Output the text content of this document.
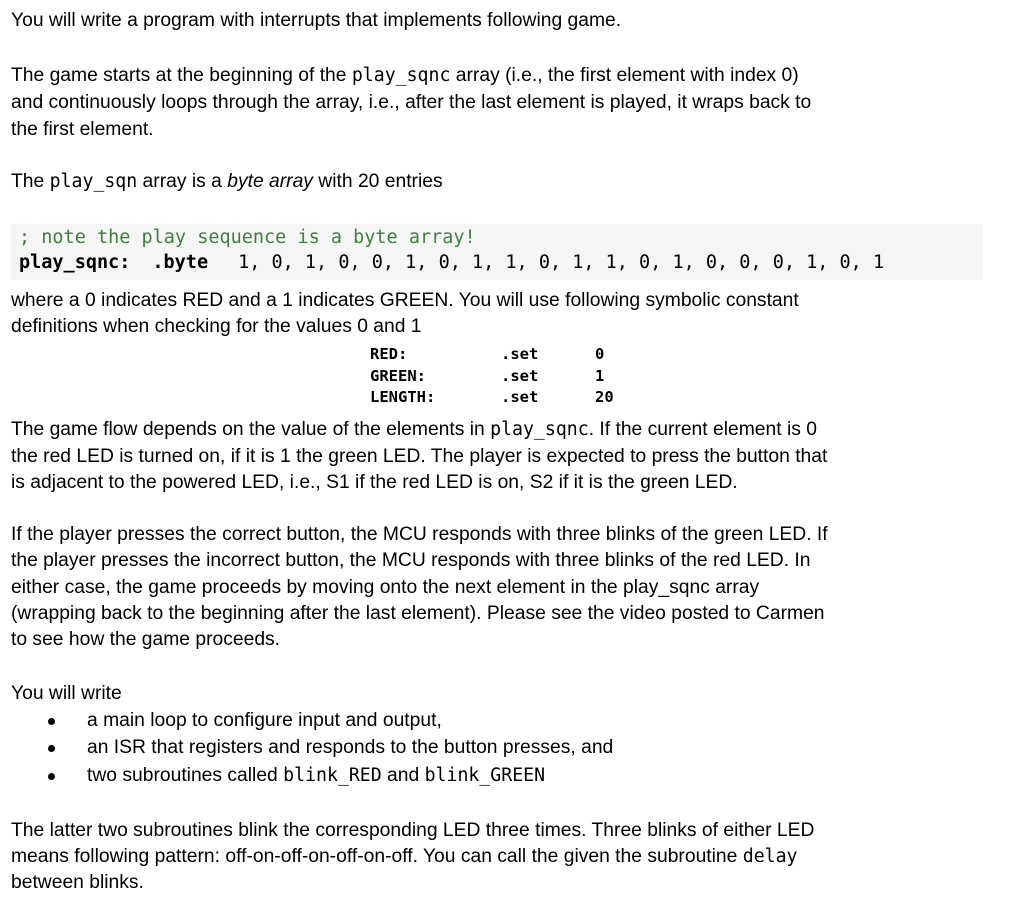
You will write a program with interrupts that implements following game.
The game starts at the beginning of the play_sqnc array (i.e., the first element with index 0)
and continuously loops through the array, i.e., after the last element is played, it wraps back to
the first element.
The play_sqn array is a byte array with 20 entries
; note the play sequence is a byte array!
play_sqnc: .byte 1, 0, 1, 0, 0, 1, 0, 1, 1, 0, 1, 1, 0, 1, 0, 0, 0, 1, 0, 1
where a 0 indicates RED and a 1 indicates GREEN. You will use following symbolic constant
definitions when checking for the values 0 and 1
RED:	.set	0
GREEN:	.set	1
LENGTH:	.set	20
The game flow depends on the value of the elements in play_sqnc. If the current element is 0
the red LED is turned on, if it is 1 the green LED. The player is expected to press the button that
is adjacent to the powered LED, i.e., S1 if the red LED is on, S2 if it is the green LED.
If the player presses the correct button, the MCU responds with three blinks of the green LED. If
the player presses the incorrect button, the MCU responds with three blinks of the red LED. In
either case, the game proceeds by moving onto the next element in the play_sqnc array
(wrapping back to the beginning after the last element). Please see the video posted to Carmen
to see how the game proceeds.
You will write
a main loop to configure input and output,
an ISR that registers and responds to the button presses, and
two subroutines called blink_RED and blink_GREEN
The latter two subroutines blink the corresponding LED three times. Three blinks of either LED
means following pattern: off-on-off-on-off-on-off. You can call the given the subroutine delay
between blinks.
